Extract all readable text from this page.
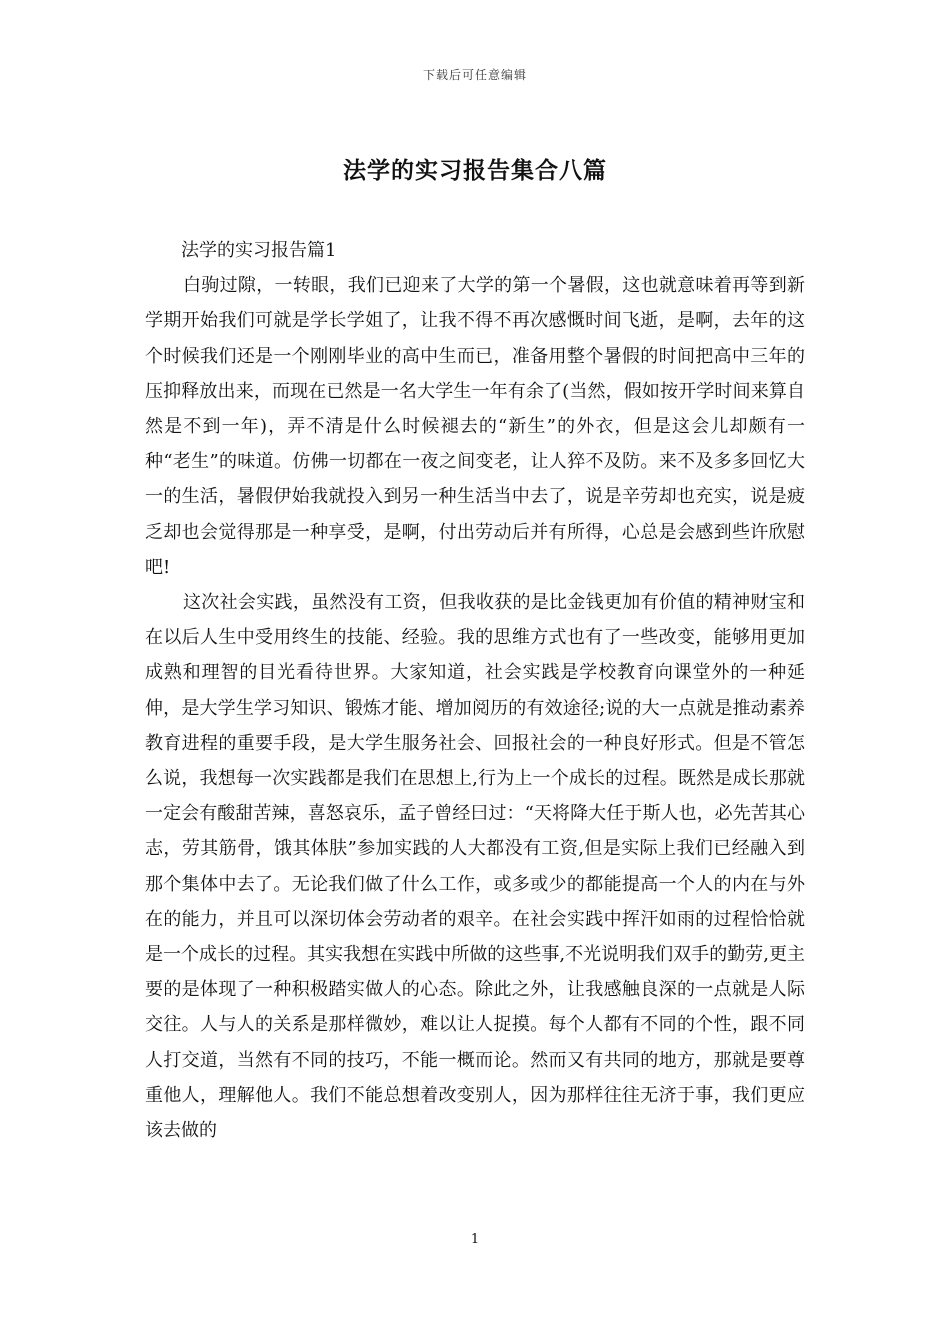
下载后可任意编辑
法学的实习报告集合八篇
法学的实习报告篇1

白驹过隙，一转眼，我们已迎来了大学的第一个暑假，这也就意味着再等到新学期开始我们可就是学长学姐了，让我不得不再次感慨时间飞逝，是啊，去年的这个时候我们还是一个刚刚毕业的高中生而已，准备用整个暑假的时间把高中三年的压抑释放出来，而现在已然是一名大学生一年有余了(当然，假如按开学时间来算自然是不到一年)，弄不清是什么时候褪去的“新生”的外衣，但是这会儿却颇有一种“老生”的味道。仿佛一切都在一夜之间变老，让人猝不及防。来不及多多回忆大一的生活，暑假伊始我就投入到另一种生活当中去了，说是辛劳却也充实，说是疲乏却也会觉得那是一种享受，是啊，付出劳动后并有所得，心总是会感到些许欣慰吧!

这次社会实践，虽然没有工资，但我收获的是比金钱更加有价值的精神财宝和在以后人生中受用终生的技能、经验。我的思维方式也有了一些改变，能够用更加成熟和理智的目光看待世界。大家知道，社会实践是学校教育向课堂外的一种延伸，是大学生学习知识、锻炼才能、增加阅历的有效途径;说的大一点就是推动素养教育进程的重要手段，是大学生服务社会、回报社会的一种良好形式。但是不管怎么说，我想每一次实践都是我们在思想上,行为上一个成长的过程。既然是成长那就一定会有酸甜苦辣，喜怒哀乐，孟子曾经曰过：“天将降大任于斯人也，必先苦其心志，劳其筋骨，饿其体肤”参加实践的人大都没有工资,但是实际上我们已经融入到那个集体中去了。无论我们做了什么工作，或多或少的都能提高一个人的内在与外在的能力，并且可以深切体会劳动者的艰辛。在社会实践中挥汗如雨的过程恰恰就是一个成长的过程。其实我想在实践中所做的这些事,不光说明我们双手的勤劳,更主要的是体现了一种积极踏实做人的心态。除此之外，让我感触良深的一点就是人际交往。人与人的关系是那样微妙，难以让人捉摸。每个人都有不同的个性，跟不同人打交道，当然有不同的技巧，不能一概而论。然而又有共同的地方，那就是要尊重他人，理解他人。我们不能总想着改变别人，因为那样往往无济于事，我们更应该去做的

1
